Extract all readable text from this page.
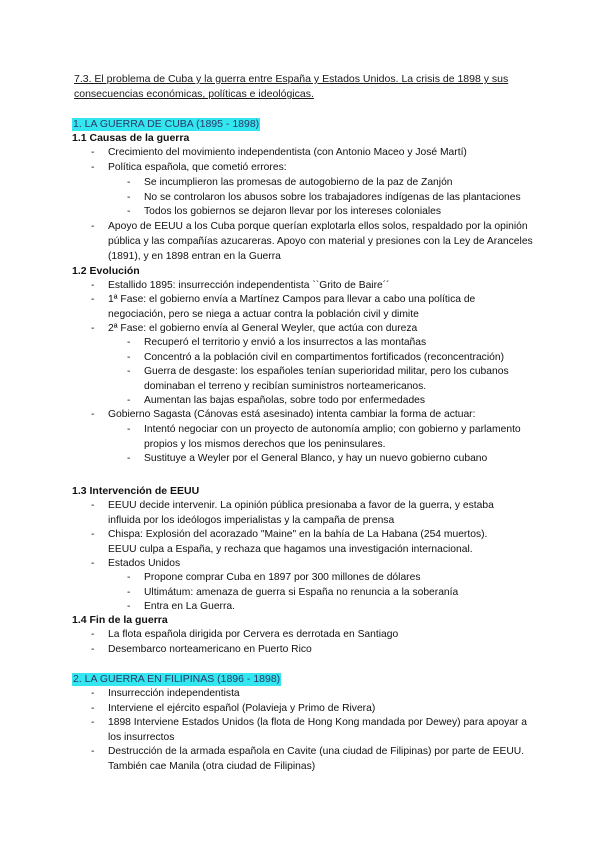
7.3. El problema de Cuba y la guerra entre España y Estados Unidos. La crisis de 1898 y sus consecuencias económicas, políticas e ideológicas.
1. LA GUERRA DE CUBA (1895 - 1898)
1.1 Causas de la guerra
- Crecimiento del movimiento independentista (con Antonio Maceo y José Martí)
- Política española, que cometió errores:
- Se incumplieron las promesas de autogobierno de la paz de Zanjón
- No se controlaron los abusos sobre los trabajadores indígenas de las plantaciones
- Todos los gobiernos se dejaron llevar por los intereses coloniales
- Apoyo de EEUU a los Cuba porque querían explotarla ellos solos, respaldado por la opinión pública y las compañías azucareras. Apoyo con material y presiones con la Ley de Aranceles (1891), y en 1898 entran en la Guerra
1.2 Evolución
- Estallido 1895: insurrección independentista ``Grito de Baire´´
- 1ª Fase: el gobierno envía a Martínez Campos para llevar a cabo una política de negociación, pero se niega a actuar contra la población civil y dimite
- 2ª Fase: el gobierno envía al General Weyler, que actúa con dureza
- Recuperó el territorio y envió a los insurrectos a las montañas
- Concentró a la población civil en compartimentos fortificados (reconcentración)
- Guerra de desgaste: los españoles tenían superioridad militar, pero los cubanos dominaban el terreno y recibían suministros norteamericanos.
- Aumentan las bajas españolas, sobre todo por enfermedades
- Gobierno Sagasta (Cánovas está asesinado) intenta cambiar la forma de actuar:
- Intentó negociar con un proyecto de autonomía amplio; con gobierno y parlamento propios y los mismos derechos que los peninsulares.
- Sustituye a Weyler por el General Blanco, y hay un nuevo gobierno cubano
1.3 Intervención de EEUU
- EEUU decide intervenir. La opinión pública presionaba a favor de la guerra, y estaba influida por los ideólogos imperialistas y la campaña de prensa
- Chispa: Explosión del acorazado "Maine" en la bahía de La Habana (254 muertos). EEUU culpa a España, y rechaza que hagamos una investigación internacional.
- Estados Unidos
- Propone comprar Cuba en 1897 por 300 millones de dólares
- Ultimátum: amenaza de guerra si España no renuncia a la soberanía
- Entra en La Guerra.
1.4 Fin de la guerra
- La flota española dirigida por Cervera es derrotada en Santiago
- Desembarco norteamericano en Puerto Rico
2. LA GUERRA EN FILIPINAS (1896 - 1898)
- Insurrección independentista
- Interviene el ejército español (Polavieja y Primo de Rivera)
- 1898 Interviene Estados Unidos (la flota de Hong Kong mandada por Dewey) para apoyar a los insurrectos
- Destrucción de la armada española en Cavite (una ciudad de Filipinas) por parte de EEUU. También cae Manila (otra ciudad de Filipinas)
